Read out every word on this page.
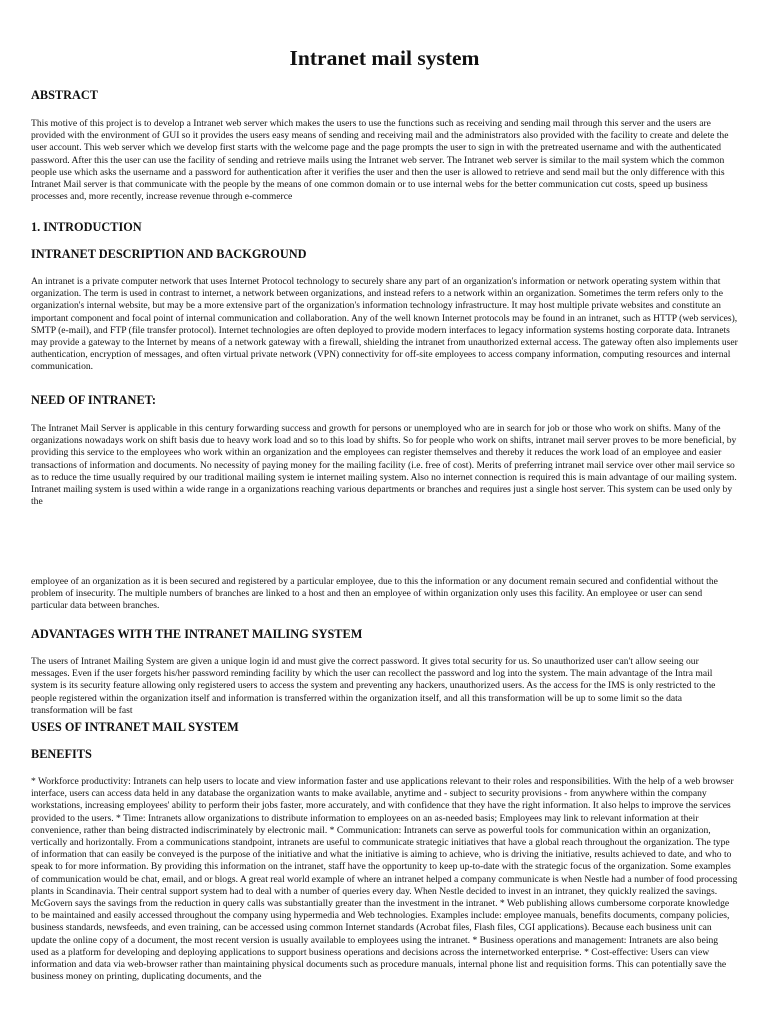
Intranet mail system
ABSTRACT

This motive of this project is to develop a Intranet web server which makes the users to use the functions such as receiving and sending mail through this server and the users are provided with the environment of GUI so it provides the users easy means of sending and receiving mail and the administrators also provided with the facility to create and delete the user account. This web server which we develop first starts with the welcome page and the page prompts the user to sign in with the pretreated username and with the authenticated password. After this the user can use the facility of sending and retrieve mails using the Intranet web server. The Intranet web server is similar to the mail system which the common people use which asks the username and a password for authentication after it verifies the user and then the user is allowed to retrieve and send mail but the only difference with this Intranet Mail server is that communicate with the people by the means of one common domain or to use internal webs for the better communication cut costs, speed up business processes and, more recently, increase revenue through e-commerce

1. INTRODUCTION
INTRANET DESCRIPTION AND BACKGROUND

An intranet is a private computer network that uses Internet Protocol technology to securely share any part of an organization's information or network operating system within that organization. The term is used in contrast to internet, a network between organizations, and instead refers to a network within an organization. Sometimes the term refers only to the organization's internal website, but may be a more extensive part of the organization's information technology infrastructure. It may host multiple private websites and constitute an important component and focal point of internal communication and collaboration. Any of the well known Internet protocols may be found in an intranet, such as HTTP (web services), SMTP (e-mail), and FTP (file transfer protocol). Internet technologies are often deployed to provide modern interfaces to legacy information systems hosting corporate data. Intranets may provide a gateway to the Internet by means of a network gateway with a firewall, shielding the intranet from unauthorized external access. The gateway often also implements user authentication, encryption of messages, and often virtual private network (VPN) connectivity for off-site employees to access company information, computing resources and internal communication.

NEED OF INTRANET:

The Intranet Mail Server is applicable in this century forwarding success and growth for persons or unemployed who are in search for job or those who work on shifts. Many of the organizations nowadays work on shift basis due to heavy work load and so to this load by shifts. So for people who work on shifts, intranet mail server proves to be more beneficial, by providing this service to the employees who work within an organization and the employees can register themselves and thereby it reduces the work load of an employee and easier transactions of information and documents. No necessity of paying money for the mailing facility (i.e. free of cost). Merits of preferring intranet mail service over other mail service so as to reduce the time usually required by our traditional mailing system ie internet mailing system. Also no internet connection is required this is main advantage of our mailing system. Intranet mailing system is used within a wide range in a organizations reaching various departments or branches and requires just a single host server. This system can be used only by the

employee of an organization as it is been secured and registered by a particular employee, due to this the information or any document remain secured and confidential without the problem of insecurity. The multiple numbers of branches are linked to a host and then an employee of within organization only uses this facility. An employee or user can send particular data between branches.

ADVANTAGES WITH THE INTRANET MAILING SYSTEM

The users of Intranet Mailing System are given a unique login id and must give the correct password. It gives total security for us. So unauthorized user can't allow seeing our messages. Even if the user forgets his/her password reminding facility by which the user can recollect the password and log into the system. The main advantage of the Intra mail system is its security feature allowing only registered users to access the system and preventing any hackers, unauthorized users. As the access for the IMS is only restricted to the people registered within the organization itself and information is transferred within the organization itself, and all this transformation will be up to some limit so the data transformation will be fast

USES OF INTRANET MAIL SYSTEM
BENEFITS

* Workforce productivity: Intranets can help users to locate and view information faster and use applications relevant to their roles and responsibilities. With the help of a web browser interface, users can access data held in any database the organization wants to make available, anytime and - subject to security provisions - from anywhere within the company workstations, increasing employees' ability to perform their jobs faster, more accurately, and with confidence that they have the right information. It also helps to improve the services provided to the users. * Time: Intranets allow organizations to distribute information to employees on an as-needed basis; Employees may link to relevant information at their convenience, rather than being distracted indiscriminately by electronic mail. * Communication: Intranets can serve as powerful tools for communication within an organization, vertically and horizontally. From a communications standpoint, intranets are useful to communicate strategic initiatives that have a global reach throughout the organization. The type of information that can easily be conveyed is the purpose of the initiative and what the initiative is aiming to achieve, who is driving the initiative, results achieved to date, and who to speak to for more information. By providing this information on the intranet, staff have the opportunity to keep up-to-date with the strategic focus of the organization. Some examples of communication would be chat, email, and or blogs. A great real world example of where an intranet helped a company communicate is when Nestle had a number of food processing plants in Scandinavia. Their central support system had to deal with a number of queries every day. When Nestle decided to invest in an intranet, they quickly realized the savings. McGovern says the savings from the reduction in query calls was substantially greater than the investment in the intranet. * Web publishing allows cumbersome corporate knowledge to be maintained and easily accessed throughout the company using hypermedia and Web technologies. Examples include: employee manuals, benefits documents, company policies, business standards, newsfeeds, and even training, can be accessed using common Internet standards (Acrobat files, Flash files, CGI applications). Because each business unit can update the online copy of a document, the most recent version is usually available to employees using the intranet. * Business operations and management: Intranets are also being used as a platform for developing and deploying applications to support business operations and decisions across the internetworked enterprise. * Cost-effective: Users can view information and data via web-browser rather than maintaining physical documents such as procedure manuals, internal phone list and requisition forms. This can potentially save the business money on printing, duplicating documents, and the
